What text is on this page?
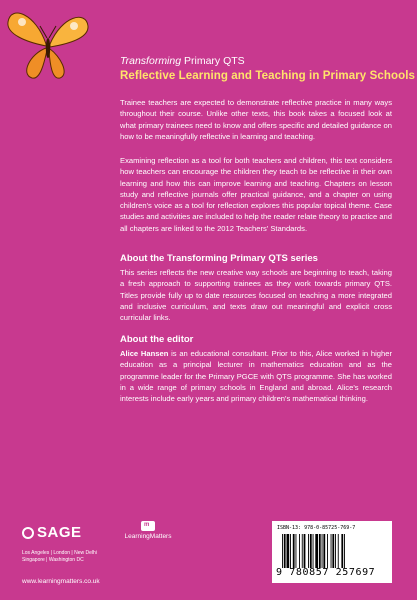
Transforming Primary QTS
Reflective Learning and Teaching in Primary Schools

Trainee teachers are expected to demonstrate reflective practice in many ways throughout their course. Unlike other texts, this book takes a focused look at what primary trainees need to know and offers specific and detailed guidance on how to be meaningfully reflective in learning and teaching.

Examining reflection as a tool for both teachers and children, this text considers how teachers can encourage the children they teach to be reflective in their own learning and how this can improve learning and teaching. Chapters on lesson study and reflective journals offer practical guidance, and a chapter on using children's voice as a tool for reflection explores this popular topical theme. Case studies and activities are included to help the reader relate theory to practice and all chapters are linked to the 2012 Teachers' Standards.

About the Transforming Primary QTS series

This series reflects the new creative way schools are beginning to teach, taking a fresh approach to supporting trainees as they work towards primary QTS. Titles provide fully up to date resources focused on teaching a more integrated and inclusive curriculum, and texts draw out meaningful and explicit cross curricular links.

About the editor

Alice Hansen is an educational consultant. Prior to this, Alice worked in higher education as a principal lecturer in mathematics education and as the programme leader for the Primary PGCE with QTS programme. She has worked in a wide range of primary schools in England and abroad. Alice's research interests include early years and primary children's mathematical thinking.

SAGE	m
LearningMatters
Los Angeles | London | New Delhi Singapore | Washington DC
www.learningmatters.co.uk
ISBN-13: 978-0-85725-769-7
9 780857 257697
